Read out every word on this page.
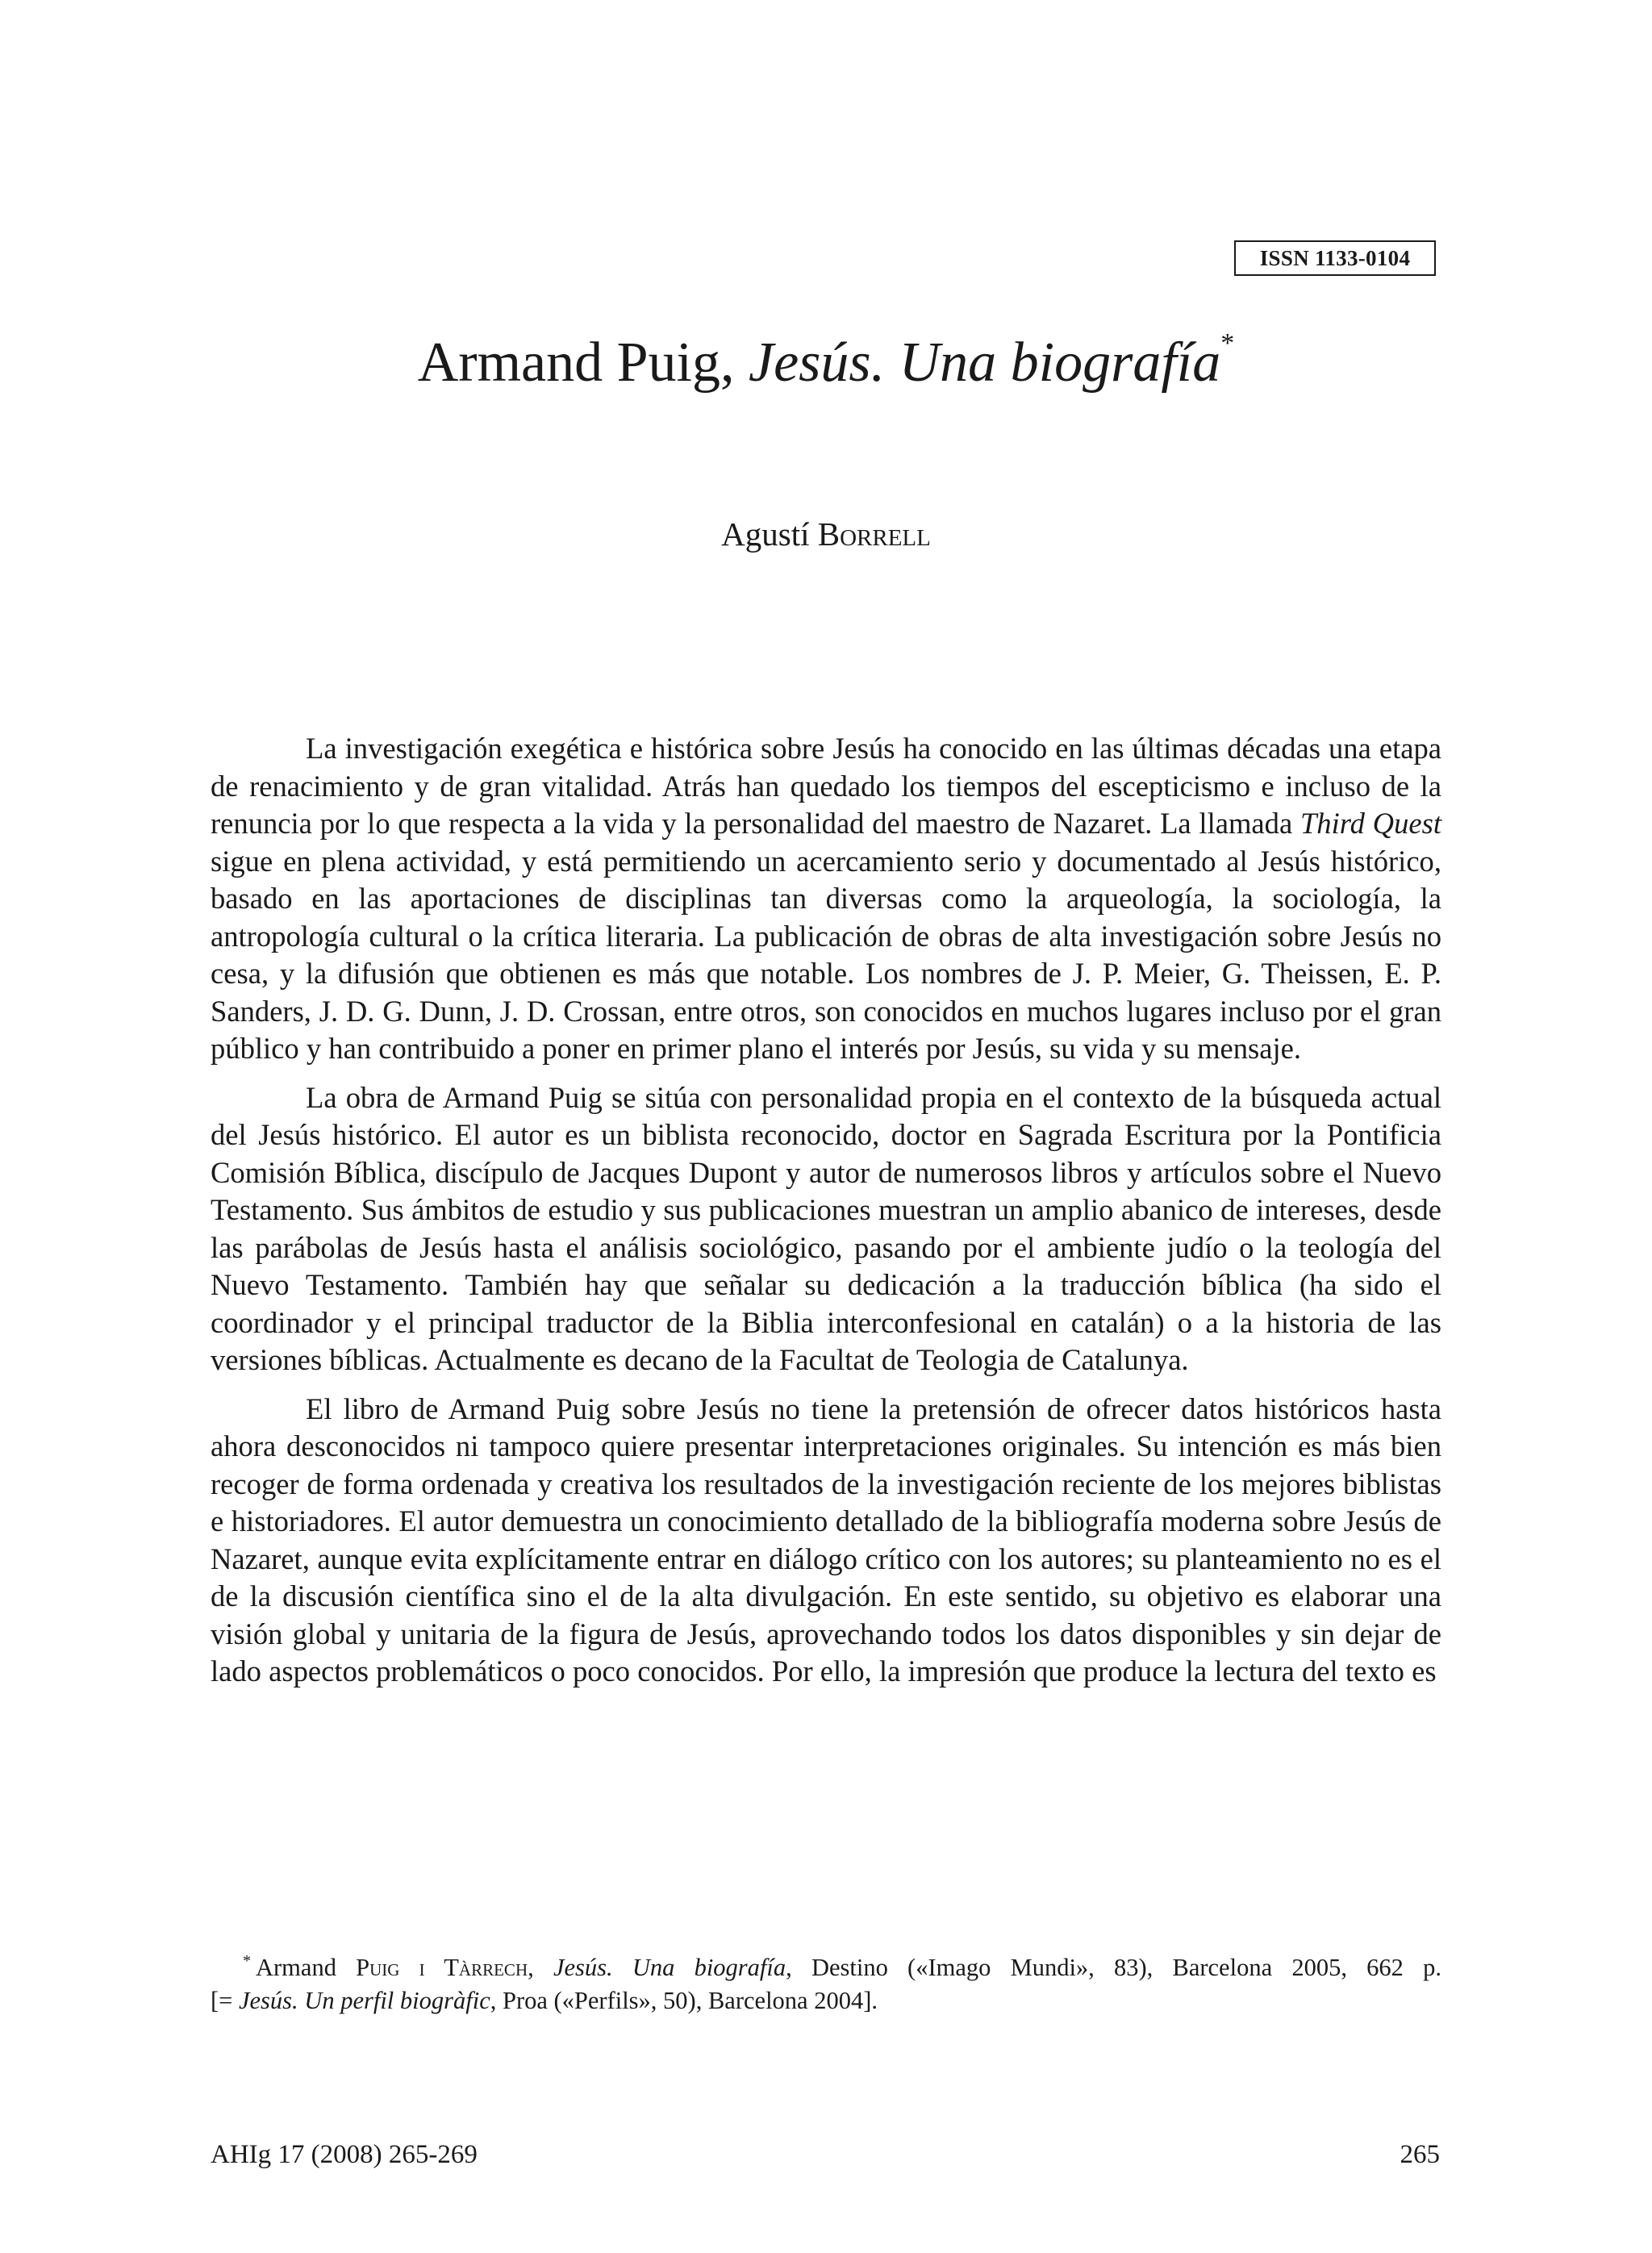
ISSN 1133-0104
Armand Puig, Jesús. Una biografía*
Agustí Borrell

La investigación exegética e histórica sobre Jesús ha conocido en las últimas décadas una etapa de renacimiento y de gran vitalidad. Atrás han quedado los tiempos del escepticismo e incluso de la renuncia por lo que respecta a la vida y la personalidad del maestro de Nazaret. La llamada Third Quest sigue en plena actividad, y está permitiendo un acercamiento serio y documentado al Jesús histórico, basado en las aportaciones de disciplinas tan diversas como la arqueología, la sociología, la antropología cultural o la crítica literaria. La publicación de obras de alta investigación sobre Jesús no cesa, y la difusión que obtienen es más que notable. Los nombres de J. P. Meier, G. Theissen, E. P. Sanders, J. D. G. Dunn, J. D. Crossan, entre otros, son conocidos en muchos lugares incluso por el gran público y han contribuido a poner en primer plano el interés por Jesús, su vida y su mensaje.

La obra de Armand Puig se sitúa con personalidad propia en el contexto de la búsqueda actual del Jesús histórico. El autor es un biblista reconocido, doctor en Sagrada Escritura por la Pontificia Comisión Bíblica, discípulo de Jacques Dupont y autor de numerosos libros y artículos sobre el Nuevo Testamento. Sus ámbitos de estudio y sus publicaciones muestran un amplio abanico de intereses, desde las parábolas de Jesús hasta el análisis sociológico, pasando por el ambiente judío o la teología del Nuevo Testamento. También hay que señalar su dedicación a la traducción bíblica (ha sido el coordinador y el principal traductor de la Biblia interconfesional en catalán) o a la historia de las versiones bíblicas. Actualmente es decano de la Facultat de Teologia de Catalunya.

El libro de Armand Puig sobre Jesús no tiene la pretensión de ofrecer datos históricos hasta ahora desconocidos ni tampoco quiere presentar interpretaciones originales. Su intención es más bien recoger de forma ordenada y creativa los resultados de la investigación reciente de los mejores biblistas e historiadores. El autor demuestra un conocimiento detallado de la bibliografía moderna sobre Jesús de Nazaret, aunque evita explícitamente entrar en diálogo crítico con los autores; su planteamiento no es el de la discusión científica sino el de la alta divulgación. En este sentido, su objetivo es elaborar una visión global y unitaria de la figura de Jesús, aprovechando todos los datos disponibles y sin dejar de lado aspectos problemáticos o poco conocidos. Por ello, la impresión que produce la lectura del texto es

* Armand Puig i Tàrrech, Jesús. Una biografía, Destino («Imago Mundi», 83), Barcelona 2005, 662 p.
[= Jesús. Un perfil biogràfic, Proa («Perfils», 50), Barcelona 2004].
AHIg 17 (2008) 265-269	265
